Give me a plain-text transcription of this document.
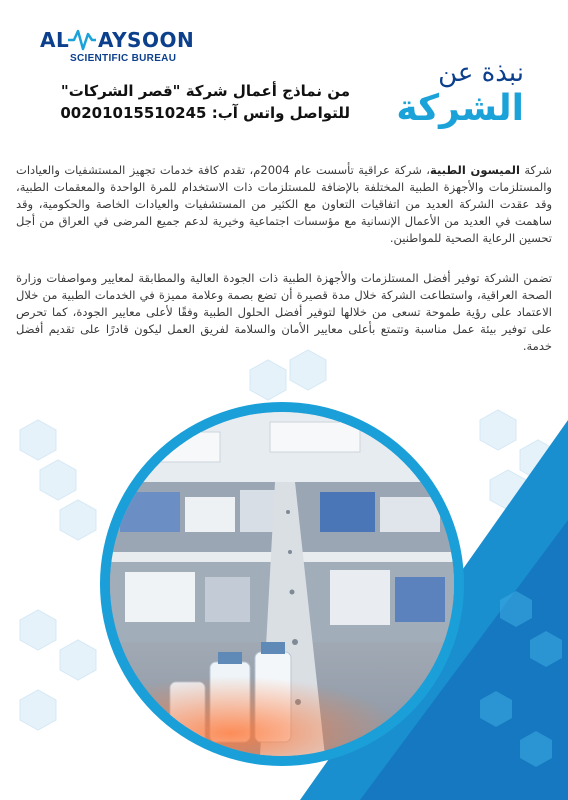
AL AYSOON
SCIENTIFIC BUREAU	نبذة عن
الشركة
من نماذج أعمال شركة "قصر الشركات"
للتواصل واتس آب: 00201015510245
شركة الميسون الطبية، شركة عراقية تأسست عام 2004م، تقدم كافة خدمات تجهيز المستشفيات والعيادات والمستلزمات والأجهزة الطبية المختلفة بالإضافة للمستلزمات ذات الاستخدام للمرة الواحدة والمعقمات الطبية، وقد عقدت الشركة العديد من اتفاقيات التعاون مع الكثير من المستشفيات والعيادات الخاصة والحكومية، وقد ساهمت في العديد من الأعمال الإنسانية مع مؤسسات اجتماعية وخيرية لدعم جميع المرضى في العراق من أجل تحسين الرعاية الصحية للمواطنين.
تضمن الشركة توفير أفضل المستلزمات والأجهزة الطبية ذات الجودة العالية والمطابقة لمعايير ومواصفات وزارة الصحة العراقية، واستطاعت الشركة خلال مدة قصيرة أن تضع بصمة وعلامة مميزة في الخدمات الطبية من خلال الاعتماد على رؤية طموحة تسعى من خلالها لتوفير أفضل الحلول الطبية وفقًا لأعلى معايير الجودة، كما تحرص على توفير بيئة عمل مناسبة وتتمتع بأعلى معايير الأمان والسلامة لفريق العمل ليكون قادرًا على تقديم أفضل خدمة.
